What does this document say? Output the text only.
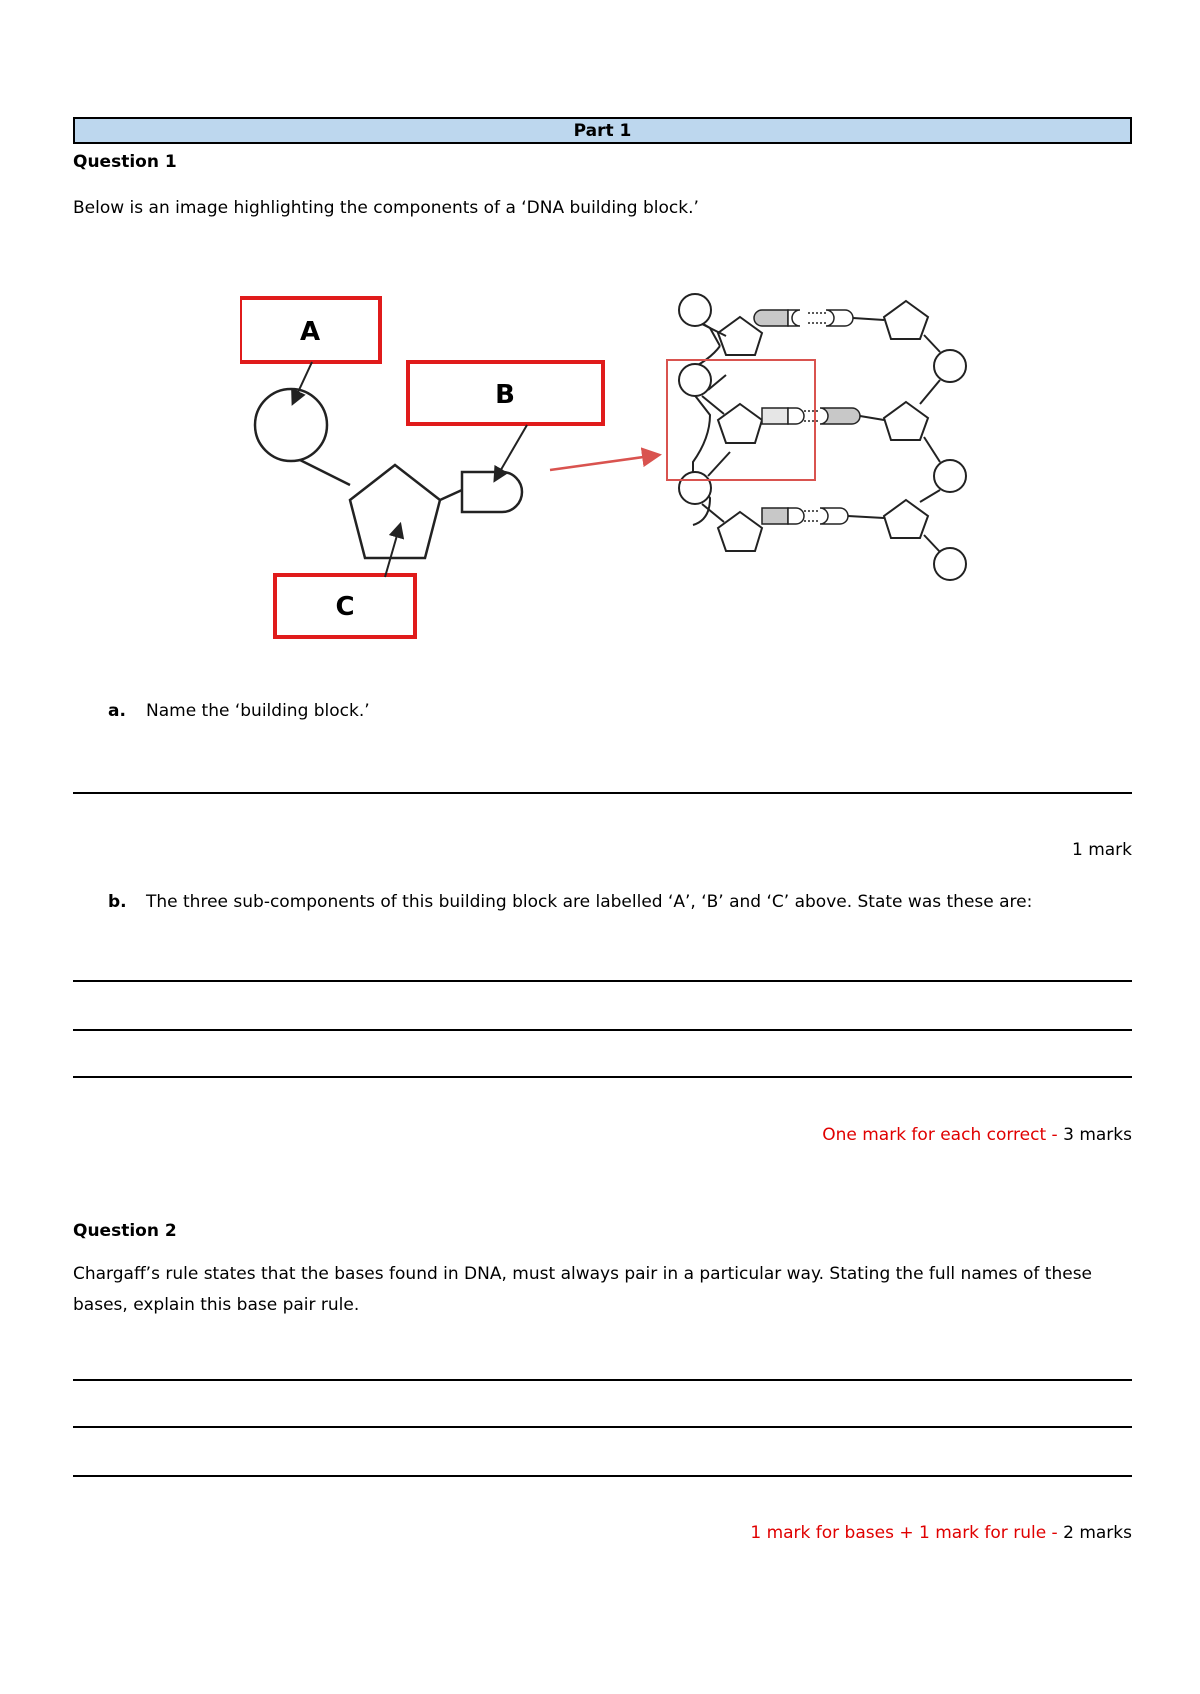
Part 1
Question 1
Below is an image highlighting the components of a ‘DNA building block.’
A
B
C
a. Name the ‘building block.’
1 mark
b. The three sub-components of this building block are labelled ‘A’, ‘B’ and ‘C’ above. State was these are:
One mark for each correct - 3 marks
Question 2
Chargaff’s rule states that the bases found in DNA, must always pair in a particular way. Stating the full names of these bases, explain this base pair rule.
1 mark for bases + 1 mark for rule - 2 marks
